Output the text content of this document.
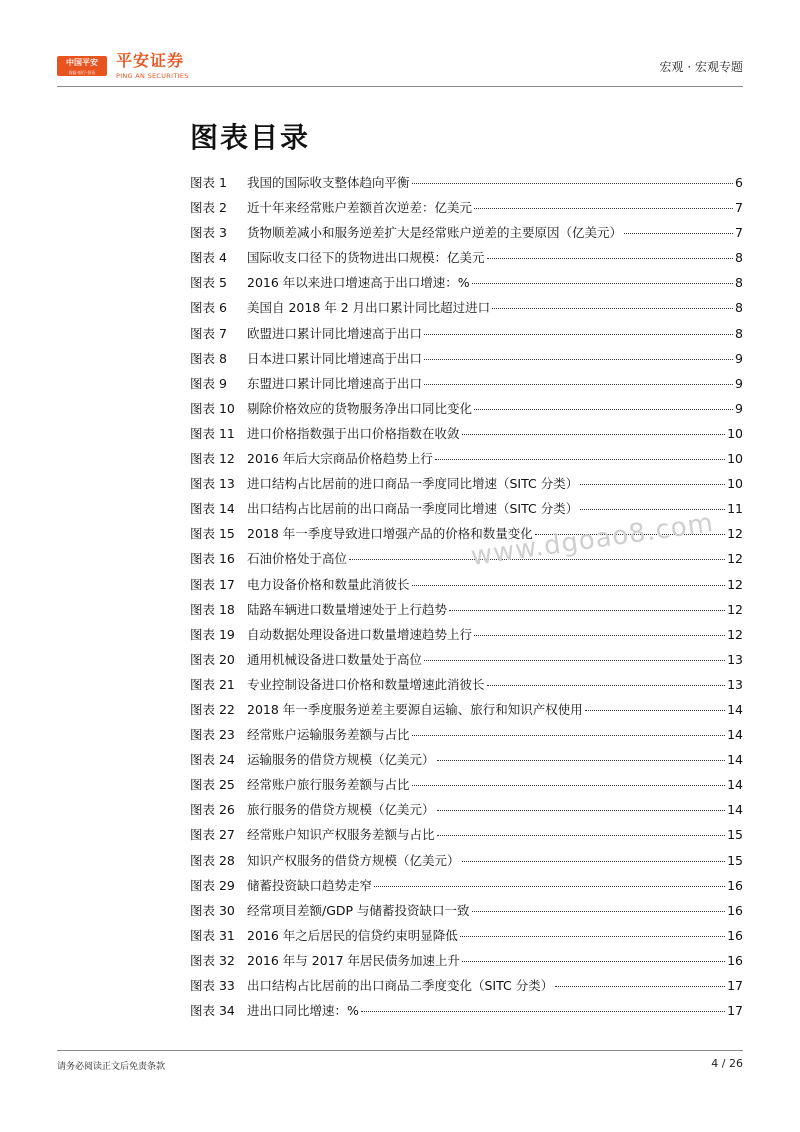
中国平安
保险·银行·投资
平安证券
PING AN SECURITIES
宏观 · 宏观专题
图表目录
图表 1	我国的国际收支整体趋向平衡	6
图表 2	近十年来经常账户差额首次逆差：亿美元	7
图表 3	货物顺差减小和服务逆差扩大是经常账户逆差的主要原因（亿美元）	7
图表 4	国际收支口径下的货物进出口规模：亿美元	8
图表 5	2016 年以来进口增速高于出口增速：%	8
图表 6	美国自 2018 年 2 月出口累计同比超过进口	8
图表 7	欧盟进口累计同比增速高于出口	8
图表 8	日本进口累计同比增速高于出口	9
图表 9	东盟进口累计同比增速高于出口	9
图表 10 剔除价格效应的货物服务净出口同比变化	9
图表 11 进口价格指数强于出口价格指数在收敛	10
图表 12 2016 年后大宗商品价格趋势上行	10
图表 13 进口结构占比居前的进口商品一季度同比增速（SITC 分类）	10
图表 14 出口结构占比居前的出口商品一季度同比增速（SITC 分类）	11
图表 15 2018 年一季度导致进口增强产品的价格和数量变化	12
图表 16 石油价格处于高位	12
图表 17 电力设备价格和数量此消彼长	12
图表 18 陆路车辆进口数量增速处于上行趋势	12
图表 19 自动数据处理设备进口数量增速趋势上行	12
图表 20 通用机械设备进口数量处于高位	13
图表 21 专业控制设备进口价格和数量增速此消彼长	13
图表 22 2018 年一季度服务逆差主要源自运输、旅行和知识产权使用	14
图表 23 经常账户运输服务差额与占比	14
图表 24 运输服务的借贷方规模（亿美元）	14
图表 25 经常账户旅行服务差额与占比	14
图表 26 旅行服务的借贷方规模（亿美元）	14
图表 27 经常账户知识产权服务差额与占比	15
图表 28 知识产权服务的借贷方规模（亿美元）	15
图表 29 储蓄投资缺口趋势走窄	16
图表 30 经常项目差额/GDP 与储蓄投资缺口一致	16
图表 31 2016 年之后居民的信贷约束明显降低	16
图表 32 2016 年与 2017 年居民债务加速上升	16
图表 33 出口结构占比居前的出口商品二季度变化（SITC 分类）	17
图表 34 进出口同比增速：%	17
www.dgoao8.com
请务必阅读正文后免责条款	4 / 26
